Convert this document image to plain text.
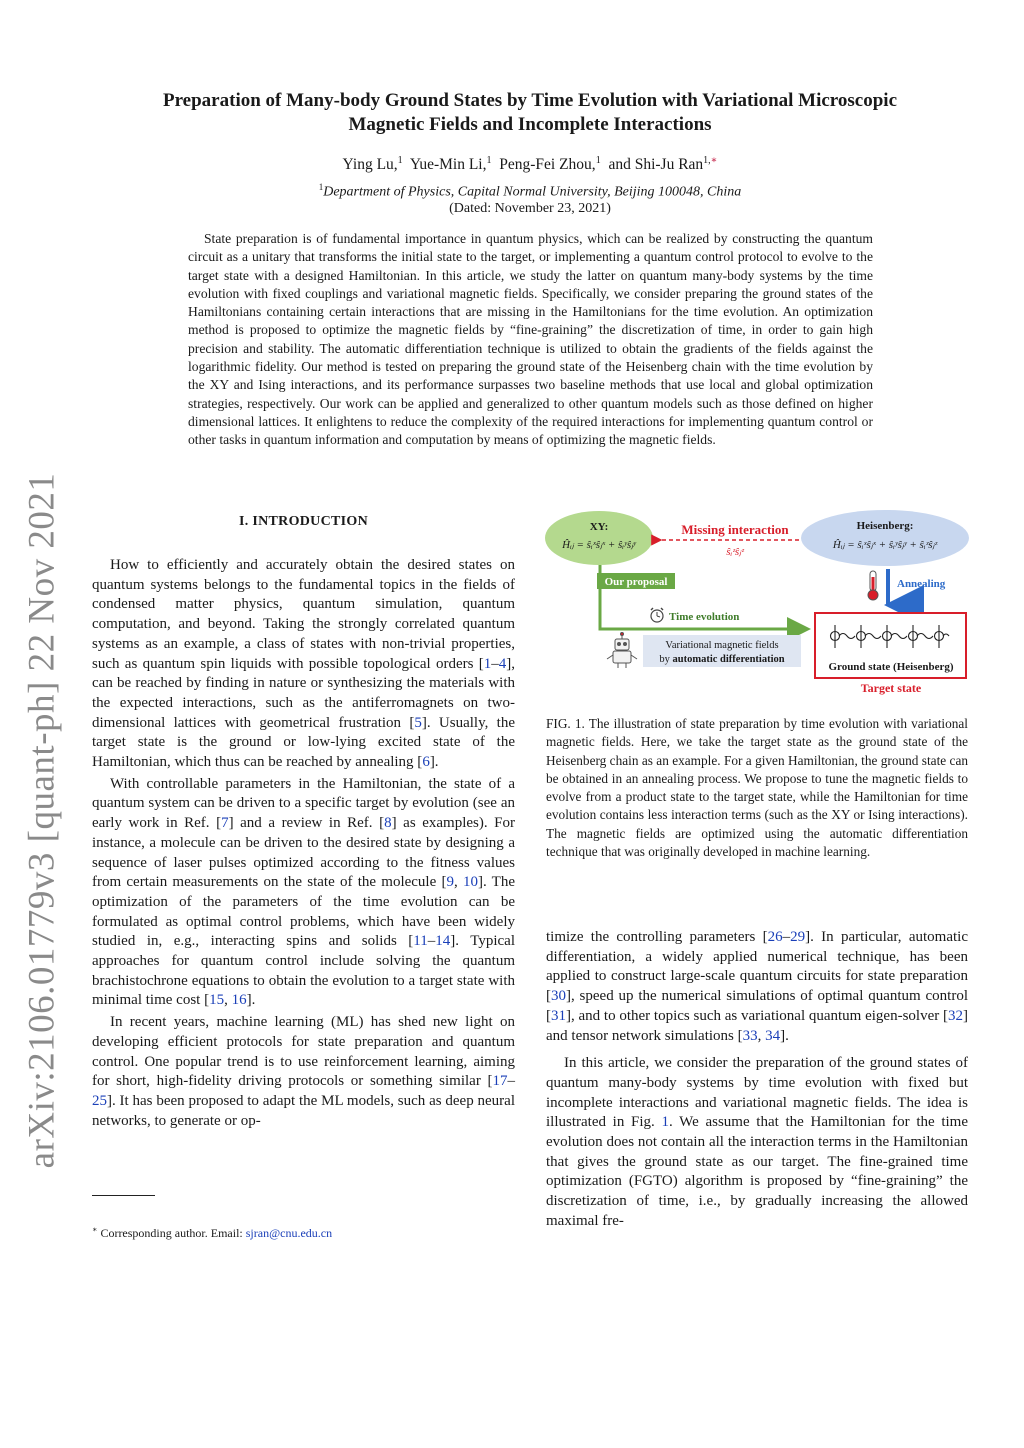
arXiv:2106.01779v3 [quant-ph] 22 Nov 2021
Preparation of Many-body Ground States by Time Evolution with Variational Microscopic
Magnetic Fields and Incomplete Interactions
Ying Lu,$^1$ Yue-Min Li,$^1$ Peng-Fei Zhou,$^1$ and Shi-Ju Ran$^{1,∗}$
$^1$Department of Physics, Capital Normal University, Beijing 100048, China
(Dated: November 23, 2021)
State preparation is of fundamental importance in quantum physics, which can be realized by constructing the quantum circuit as a unitary that transforms the initial state to the target, or implementing a quantum control protocol to evolve to the target state with a designed Hamiltonian. In this article, we study the latter on quantum many-body systems by the time evolution with fixed couplings and variational magnetic fields. Specifically, we consider preparing the ground states of the Hamiltonians containing certain interactions that are missing in the Hamiltonians for the time evolution. An optimization method is proposed to optimize the magnetic fields by “fine-graining” the discretization of time, in order to gain high precision and stability. The automatic differentiation technique is utilized to obtain the gradients of the fields against the logarithmic fidelity. Our method is tested on preparing the ground state of the Heisenberg chain with the time evolution by the XY and Ising interactions, and its performance surpasses two baseline methods that use local and global optimization strategies, respectively. Our work can be applied and generalized to other quantum models such as those defined on higher dimensional lattices. It enlightens to reduce the complexity of the required interactions for implementing quantum control or other tasks in quantum information and computation by means of optimizing the magnetic fields.
I. INTRODUCTION

How to efficiently and accurately obtain the desired states on quantum systems belongs to the fundamental topics in the fields of condensed matter physics, quantum simulation, quantum computation, and beyond. Taking the strongly correlated quantum systems as an example, a class of states with non-trivial properties, such as quantum spin liquids with possible topological orders [1–4], can be reached by finding in nature or synthesizing the materials with the expected interactions, such as the antiferromagnets on two-dimensional lattices with geometrical frustration [5]. Usually, the target state is the ground or low-lying excited state of the Hamiltonian, which thus can be reached by annealing [6].

With controllable parameters in the Hamiltonian, the state of a quantum system can be driven to a specific target by evolution (see an early work in Ref. [7] and a review in Ref. [8] as examples). For instance, a molecule can be driven to the desired state by designing a sequence of laser pulses optimized according to the fitness values from certain measurements on the state of the molecule [9, 10]. The optimization of the parameters of the time evolution can be formulated as optimal control problems, which have been widely studied in, e.g., interacting spins and solids [11–14]. Typical approaches for quantum control include solving the quantum brachistochrone equations to obtain the evolution to a target state with minimal time cost [15, 16].

In recent years, machine learning (ML) has shed new light on developing efficient protocols for state preparation and quantum control. One popular trend is to use reinforcement learning, aiming for short, high-fidelity driving protocols or something similar [17–25]. It has been proposed to adapt the ML models, such as deep neural networks, to generate or op-

∗ Corresponding author. Email: sjran@cnu.edu.cn
XY:
Ĥᵢⱼ = ŝᵢˣŝⱼˣ + ŝᵢʸŝⱼʸ
Heisenberg:
Ĥᵢⱼ = ŝᵢˣŝⱼˣ + ŝᵢʸŝⱼʸ + ŝᵢᶻŝⱼᶻ
Missing interaction
ŝᵢᶻŝⱼᶻ
Our proposal
Time evolution
Variational magnetic fields
by automatic differentiation
Annealing
Ground state (Heisenberg)
Target state
FIG. 1. The illustration of state preparation by time evolution with variational magnetic fields. Here, we take the target state as the ground state of the Heisenberg chain as an example. For a given Hamiltonian, the ground state can be obtained in an annealing process. We propose to tune the magnetic fields to evolve from a product state to the target state, while the Hamiltonian for time evolution contains less interaction terms (such as the XY or Ising interactions). The magnetic fields are optimized using the automatic differentiation technique that was originally developed in machine learning.

timize the controlling parameters [26–29]. In particular, automatic differentiation, a widely applied numerical technique, has been applied to construct large-scale quantum circuits for state preparation [30], speed up the numerical simulations of optimal quantum control [31], and to other topics such as variational quantum eigen-solver [32] and tensor network simulations [33, 34].

In this article, we consider the preparation of the ground states of quantum many-body systems by time evolution with fixed but incomplete interactions and variational magnetic fields. The idea is illustrated in Fig. 1. We assume that the Hamiltonian for the time evolution does not contain all the interaction terms in the Hamiltonian that gives the ground state as our target. The fine-grained time optimization (FGTO) algorithm is proposed by “fine-graining” the discretization of time, i.e., by gradually increasing the allowed maximal fre-
